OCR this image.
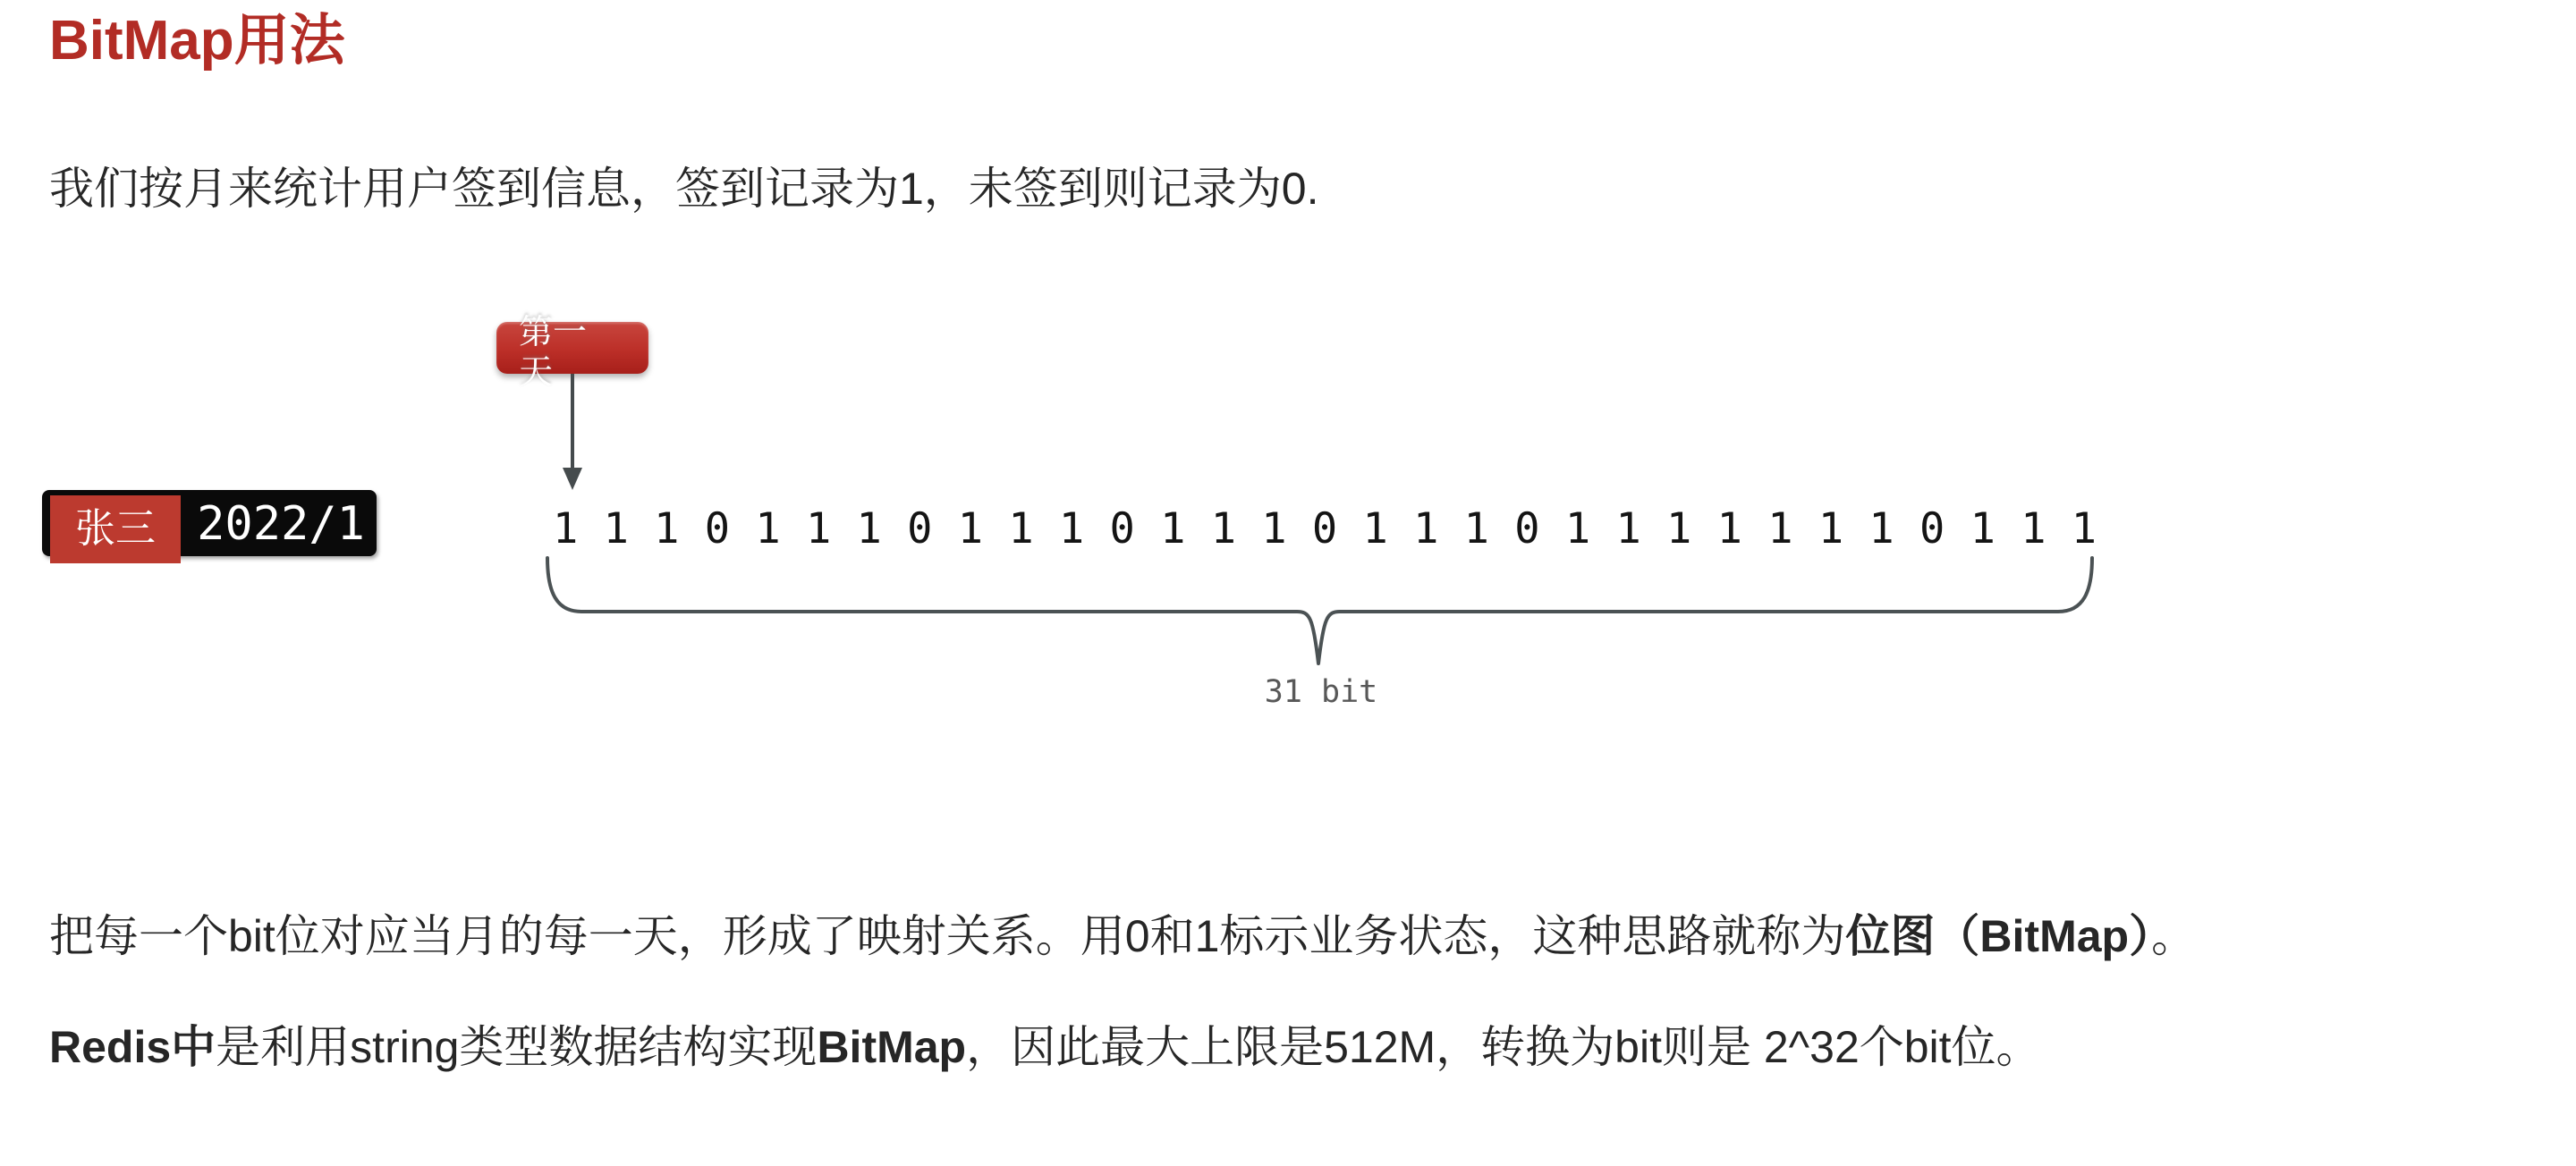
BitMap用法

我们按月来统计用户签到信息，签到记录为1，未签到则记录为0.

第一天
张三 2022/1	1 1 1 0 1 1 1 0 1 1 1 0 1 1 1 0 1 1 1 0 1 1 1 1 1 1 1 0 1 1 1
31 bit

把每一个bit位对应当月的每一天，形成了映射关系。用0和1标示业务状态，这种思路就称为位图（BitMap）。

Redis中是利用string类型数据结构实现BitMap，因此最大上限是512M，转换为bit则是 2^32个bit位。
